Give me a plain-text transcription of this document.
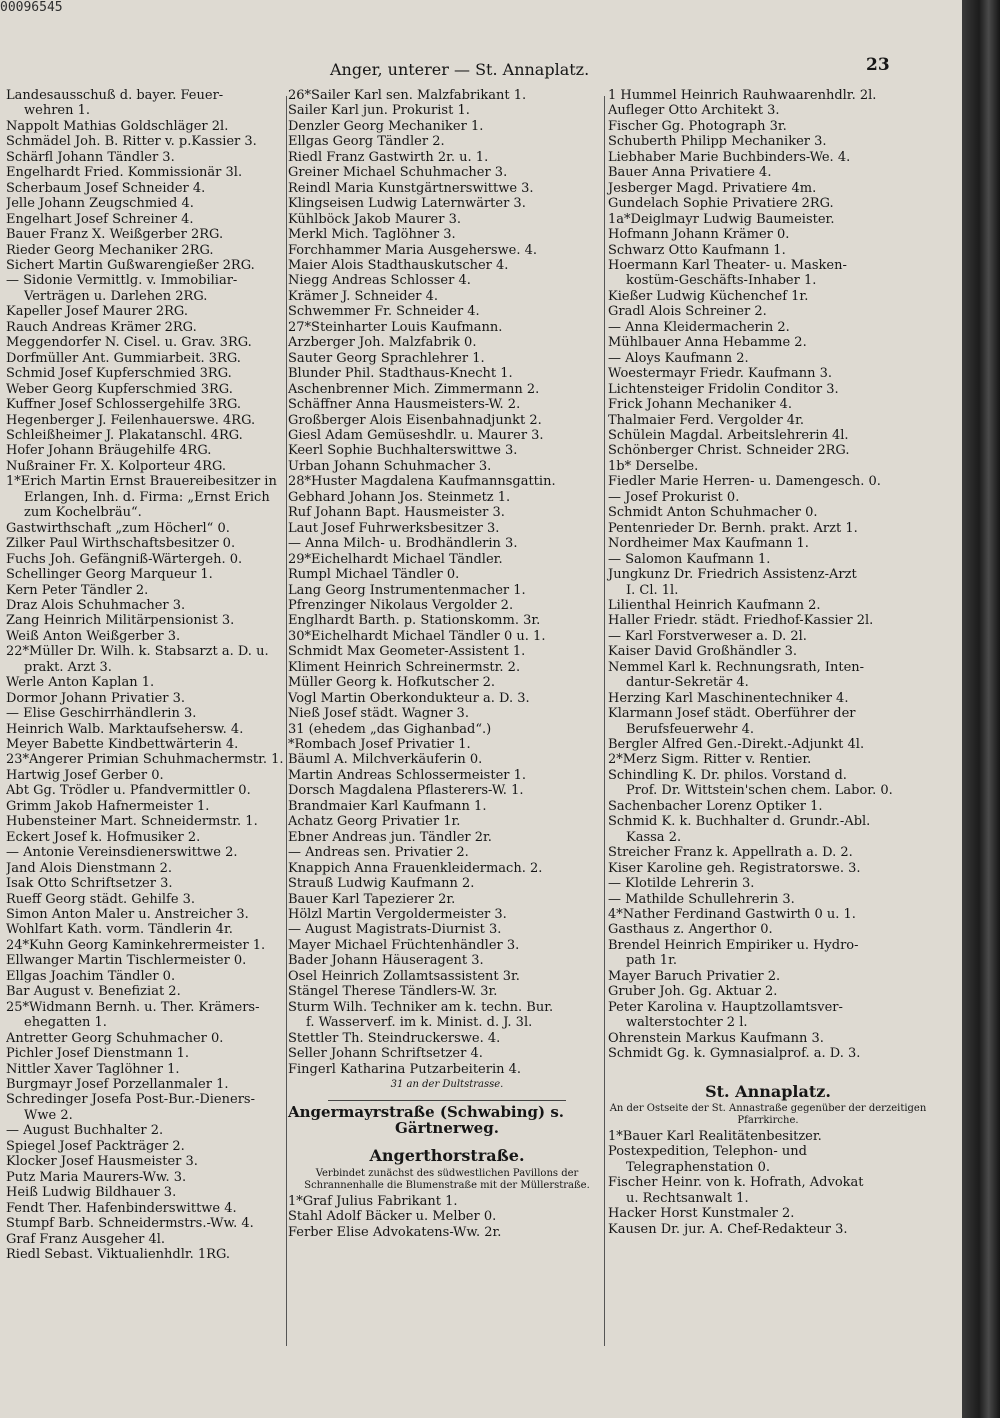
00096545
Anger, unterer — St. Annaplatz.	23
Landesausschuß d. bayer. Feuer-
wehren 1.
Nappolt Mathias Goldschläger 2l.
Schmädel Joh. B. Ritter v. p.Kassier 3.
Schärfl Johann Tändler 3.
Engelhardt Fried. Kommissionär 3l.
Scherbaum Josef Schneider 4.
Jelle Johann Zeugschmied 4.
Engelhart Josef Schreiner 4.
Bauer Franz X. Weißgerber 2RG.
Rieder Georg Mechaniker 2RG.
Sichert Martin Gußwarengießer 2RG.
— Sidonie Vermittlg. v. Immobiliar-
Verträgen u. Darlehen 2RG.
Kapeller Josef Maurer 2RG.
Rauch Andreas Krämer 2RG.
Meggendorfer N. Cisel. u. Grav. 3RG.
Dorfmüller Ant. Gummiarbeit. 3RG.
Schmid Josef Kupferschmied 3RG.
Weber Georg Kupferschmied 3RG.
Kuffner Josef Schlossergehilfe 3RG.
Hegenberger J. Feilenhauerswe. 4RG.
Schleißheimer J. Plakatanschl. 4RG.
Hofer Johann Bräugehilfe 4RG.
Nußrainer Fr. X. Kolporteur 4RG.
1*Erich Martin Ernst Brauereibesitzer in
Erlangen, Inh. d. Firma: „Ernst Erich
zum Kochelbräu“.
Gastwirthschaft „zum Höcherl“ 0.
Zilker Paul Wirthschaftsbesitzer 0.
Fuchs Joh. Gefängniß-Wärtergeh. 0.
Schellinger Georg Marqueur 1.
Kern Peter Tändler 2.
Draz Alois Schuhmacher 3.
Zang Heinrich Militärpensionist 3.
Weiß Anton Weißgerber 3.
22*Müller Dr. Wilh. k. Stabsarzt a. D. u.
prakt. Arzt 3.
Werle Anton Kaplan 1.
Dormor Johann Privatier 3.
— Elise Geschirrhändlerin 3.
Heinrich Walb. Marktaufsehersw. 4.
Meyer Babette Kindbettwärterin 4.
23*Angerer Primian Schuhmachermstr. 1.
Hartwig Josef Gerber 0.
Abt Gg. Trödler u. Pfandvermittler 0.
Grimm Jakob Hafnermeister 1.
Hubensteiner Mart. Schneidermstr. 1.
Eckert Josef k. Hofmusiker 2.
— Antonie Vereinsdienerswittwe 2.
Jand Alois Dienstmann 2.
Isak Otto Schriftsetzer 3.
Rueff Georg städt. Gehilfe 3.
Simon Anton Maler u. Anstreicher 3.
Wohlfart Kath. vorm. Tändlerin 4r.
24*Kuhn Georg Kaminkehrermeister 1.
Ellwanger Martin Tischlermeister 0.
Ellgas Joachim Tändler 0.
Bar August v. Benefiziat 2.
25*Widmann Bernh. u. Ther. Krämers-
ehegatten 1.
Antretter Georg Schuhmacher 0.
Pichler Josef Dienstmann 1.
Nittler Xaver Taglöhner 1.
Burgmayr Josef Porzellanmaler 1.
Schredinger Josefa Post-Bur.-Dieners-
Wwe 2.
— August Buchhalter 2.
Spiegel Josef Packträger 2.
Klocker Josef Hausmeister 3.
Putz Maria Maurers-Ww. 3.
Heiß Ludwig Bildhauer 3.
Fendt Ther. Hafenbinderswittwe 4.
Stumpf Barb. Schneidermstrs.-Ww. 4.
Graf Franz Ausgeher 4l.
Riedl Sebast. Viktualienhdlr. 1RG.
26*Sailer Karl sen. Malzfabrikant 1.
Sailer Karl jun. Prokurist 1.
Denzler Georg Mechaniker 1.
Ellgas Georg Tändler 2.
Riedl Franz Gastwirth 2r. u. 1.
Greiner Michael Schuhmacher 3.
Reindl Maria Kunstgärtnerswittwe 3.
Klingseisen Ludwig Laternwärter 3.
Kühlböck Jakob Maurer 3.
Merkl Mich. Taglöhner 3.
Forchhammer Maria Ausgeherswe. 4.
Maier Alois Stadthauskutscher 4.
Niegg Andreas Schlosser 4.
Krämer J. Schneider 4.
Schwemmer Fr. Schneider 4.
27*Steinharter Louis Kaufmann.
Arzberger Joh. Malzfabrik 0.
Sauter Georg Sprachlehrer 1.
Blunder Phil. Stadthaus-Knecht 1.
Aschenbrenner Mich. Zimmermann 2.
Schäffner Anna Hausmeisters-W. 2.
Großberger Alois Eisenbahnadjunkt 2.
Giesl Adam Gemüseshdlr. u. Maurer 3.
Keerl Sophie Buchhalterswittwe 3.
Urban Johann Schuhmacher 3.
28*Huster Magdalena Kaufmannsgattin.
Gebhard Johann Jos. Steinmetz 1.
Ruf Johann Bapt. Hausmeister 3.
Laut Josef Fuhrwerksbesitzer 3.
— Anna Milch- u. Brodhändlerin 3.
29*Eichelhardt Michael Tändler.
Rumpl Michael Tändler 0.
Lang Georg Instrumentenmacher 1.
Pfrenzinger Nikolaus Vergolder 2.
Englhardt Barth. p. Stationskomm. 3r.
30*Eichelhardt Michael Tändler 0 u. 1.
Schmidt Max Geometer-Assistent 1.
Kliment Heinrich Schreinermstr. 2.
Müller Georg k. Hofkutscher 2.
Vogl Martin Oberkondukteur a. D. 3.
Nieß Josef städt. Wagner 3.
31 (ehedem „das Gighanbad“.)
*Rombach Josef Privatier 1.
Bäuml A. Milchverkäuferin 0.
Martin Andreas Schlossermeister 1.
Dorsch Magdalena Pflasterers-W. 1.
Brandmaier Karl Kaufmann 1.
Achatz Georg Privatier 1r.
Ebner Andreas jun. Tändler 2r.
— Andreas sen. Privatier 2.
Knappich Anna Frauenkleidermach. 2.
Strauß Ludwig Kaufmann 2.
Bauer Karl Tapezierer 2r.
Hölzl Martin Vergoldermeister 3.
— August Magistrats-Diurnist 3.
Mayer Michael Früchtenhändler 3.
Bader Johann Häuseragent 3.
Osel Heinrich Zollamtsassistent 3r.
Stängel Therese Tändlers-W. 3r.
Sturm Wilh. Techniker am k. techn. Bur.
f. Wasserverf. im k. Minist. d. J. 3l.
Stettler Th. Steindruckerswe. 4.
Seller Johann Schriftsetzer 4.
Fingerl Katharina Putzarbeiterin 4.
31 an der Dultstrasse.
Angermayrstraße (Schwabing) s.
Gärtnerweg.
Angerthorstraße.
Verbindet zunächst des südwestlichen Pavillons der Schrannenhalle die Blumenstraße mit der Müllerstraße.
1*Graf Julius Fabrikant 1.
Stahl Adolf Bäcker u. Melber 0.
Ferber Elise Advokatens-Ww. 2r.
1 Hummel Heinrich Rauhwaarenhdlr. 2l.
Aufleger Otto Architekt 3.
Fischer Gg. Photograph 3r.
Schuberth Philipp Mechaniker 3.
Liebhaber Marie Buchbinders-We. 4.
Bauer Anna Privatiere 4.
Jesberger Magd. Privatiere 4m.
Gundelach Sophie Privatiere 2RG.
1a*Deiglmayr Ludwig Baumeister.
Hofmann Johann Krämer 0.
Schwarz Otto Kaufmann 1.
Hoermann Karl Theater- u. Masken-
kostüm-Geschäfts-Inhaber 1.
Kießer Ludwig Küchenchef 1r.
Gradl Alois Schreiner 2.
— Anna Kleidermacherin 2.
Mühlbauer Anna Hebamme 2.
— Aloys Kaufmann 2.
Woestermayr Friedr. Kaufmann 3.
Lichtensteiger Fridolin Conditor 3.
Frick Johann Mechaniker 4.
Thalmaier Ferd. Vergolder 4r.
Schülein Magdal. Arbeitslehrerin 4l.
Schönberger Christ. Schneider 2RG.
1b* Derselbe.
Fiedler Marie Herren- u. Damengesch. 0.
— Josef Prokurist 0.
Schmidt Anton Schuhmacher 0.
Pentenrieder Dr. Bernh. prakt. Arzt 1.
Nordheimer Max Kaufmann 1.
— Salomon Kaufmann 1.
Jungkunz Dr. Friedrich Assistenz-Arzt
I. Cl. 1l.
Lilienthal Heinrich Kaufmann 2.
Haller Friedr. städt. Friedhof-Kassier 2l.
— Karl Forstverweser a. D. 2l.
Kaiser David Großhändler 3.
Nemmel Karl k. Rechnungsrath, Inten-
dantur-Sekretär 4.
Herzing Karl Maschinentechniker 4.
Klarmann Josef städt. Oberführer der
Berufsfeuerwehr 4.
Bergler Alfred Gen.-Direkt.-Adjunkt 4l.
2*Merz Sigm. Ritter v. Rentier.
Schindling K. Dr. philos. Vorstand d.
Prof. Dr. Wittstein'schen chem. Labor. 0.
Sachenbacher Lorenz Optiker 1.
Schmid K. k. Buchhalter d. Grundr.-Abl.
Kassa 2.
Streicher Franz k. Appellrath a. D. 2.
Kiser Karoline geh. Registratorswe. 3.
— Klotilde Lehrerin 3.
— Mathilde Schullehrerin 3.
4*Nather Ferdinand Gastwirth 0 u. 1.
Gasthaus z. Angerthor 0.
Brendel Heinrich Empiriker u. Hydro-
path 1r.
Mayer Baruch Privatier 2.
Gruber Joh. Gg. Aktuar 2.
Peter Karolina v. Hauptzollamtsver-
walterstochter 2 l.
Ohrenstein Markus Kaufmann 3.
Schmidt Gg. k. Gymnasialprof. a. D. 3.
St. Annaplatz.
An der Ostseite der St. Annastraße gegenüber der derzeitigen Pfarrkirche.
1*Bauer Karl Realitätenbesitzer.
Postexpedition, Telephon- und
Telegraphenstation 0.
Fischer Heinr. von k. Hofrath, Advokat
u. Rechtsanwalt 1.
Hacker Horst Kunstmaler 2.
Kausen Dr. jur. A. Chef-Redakteur 3.
